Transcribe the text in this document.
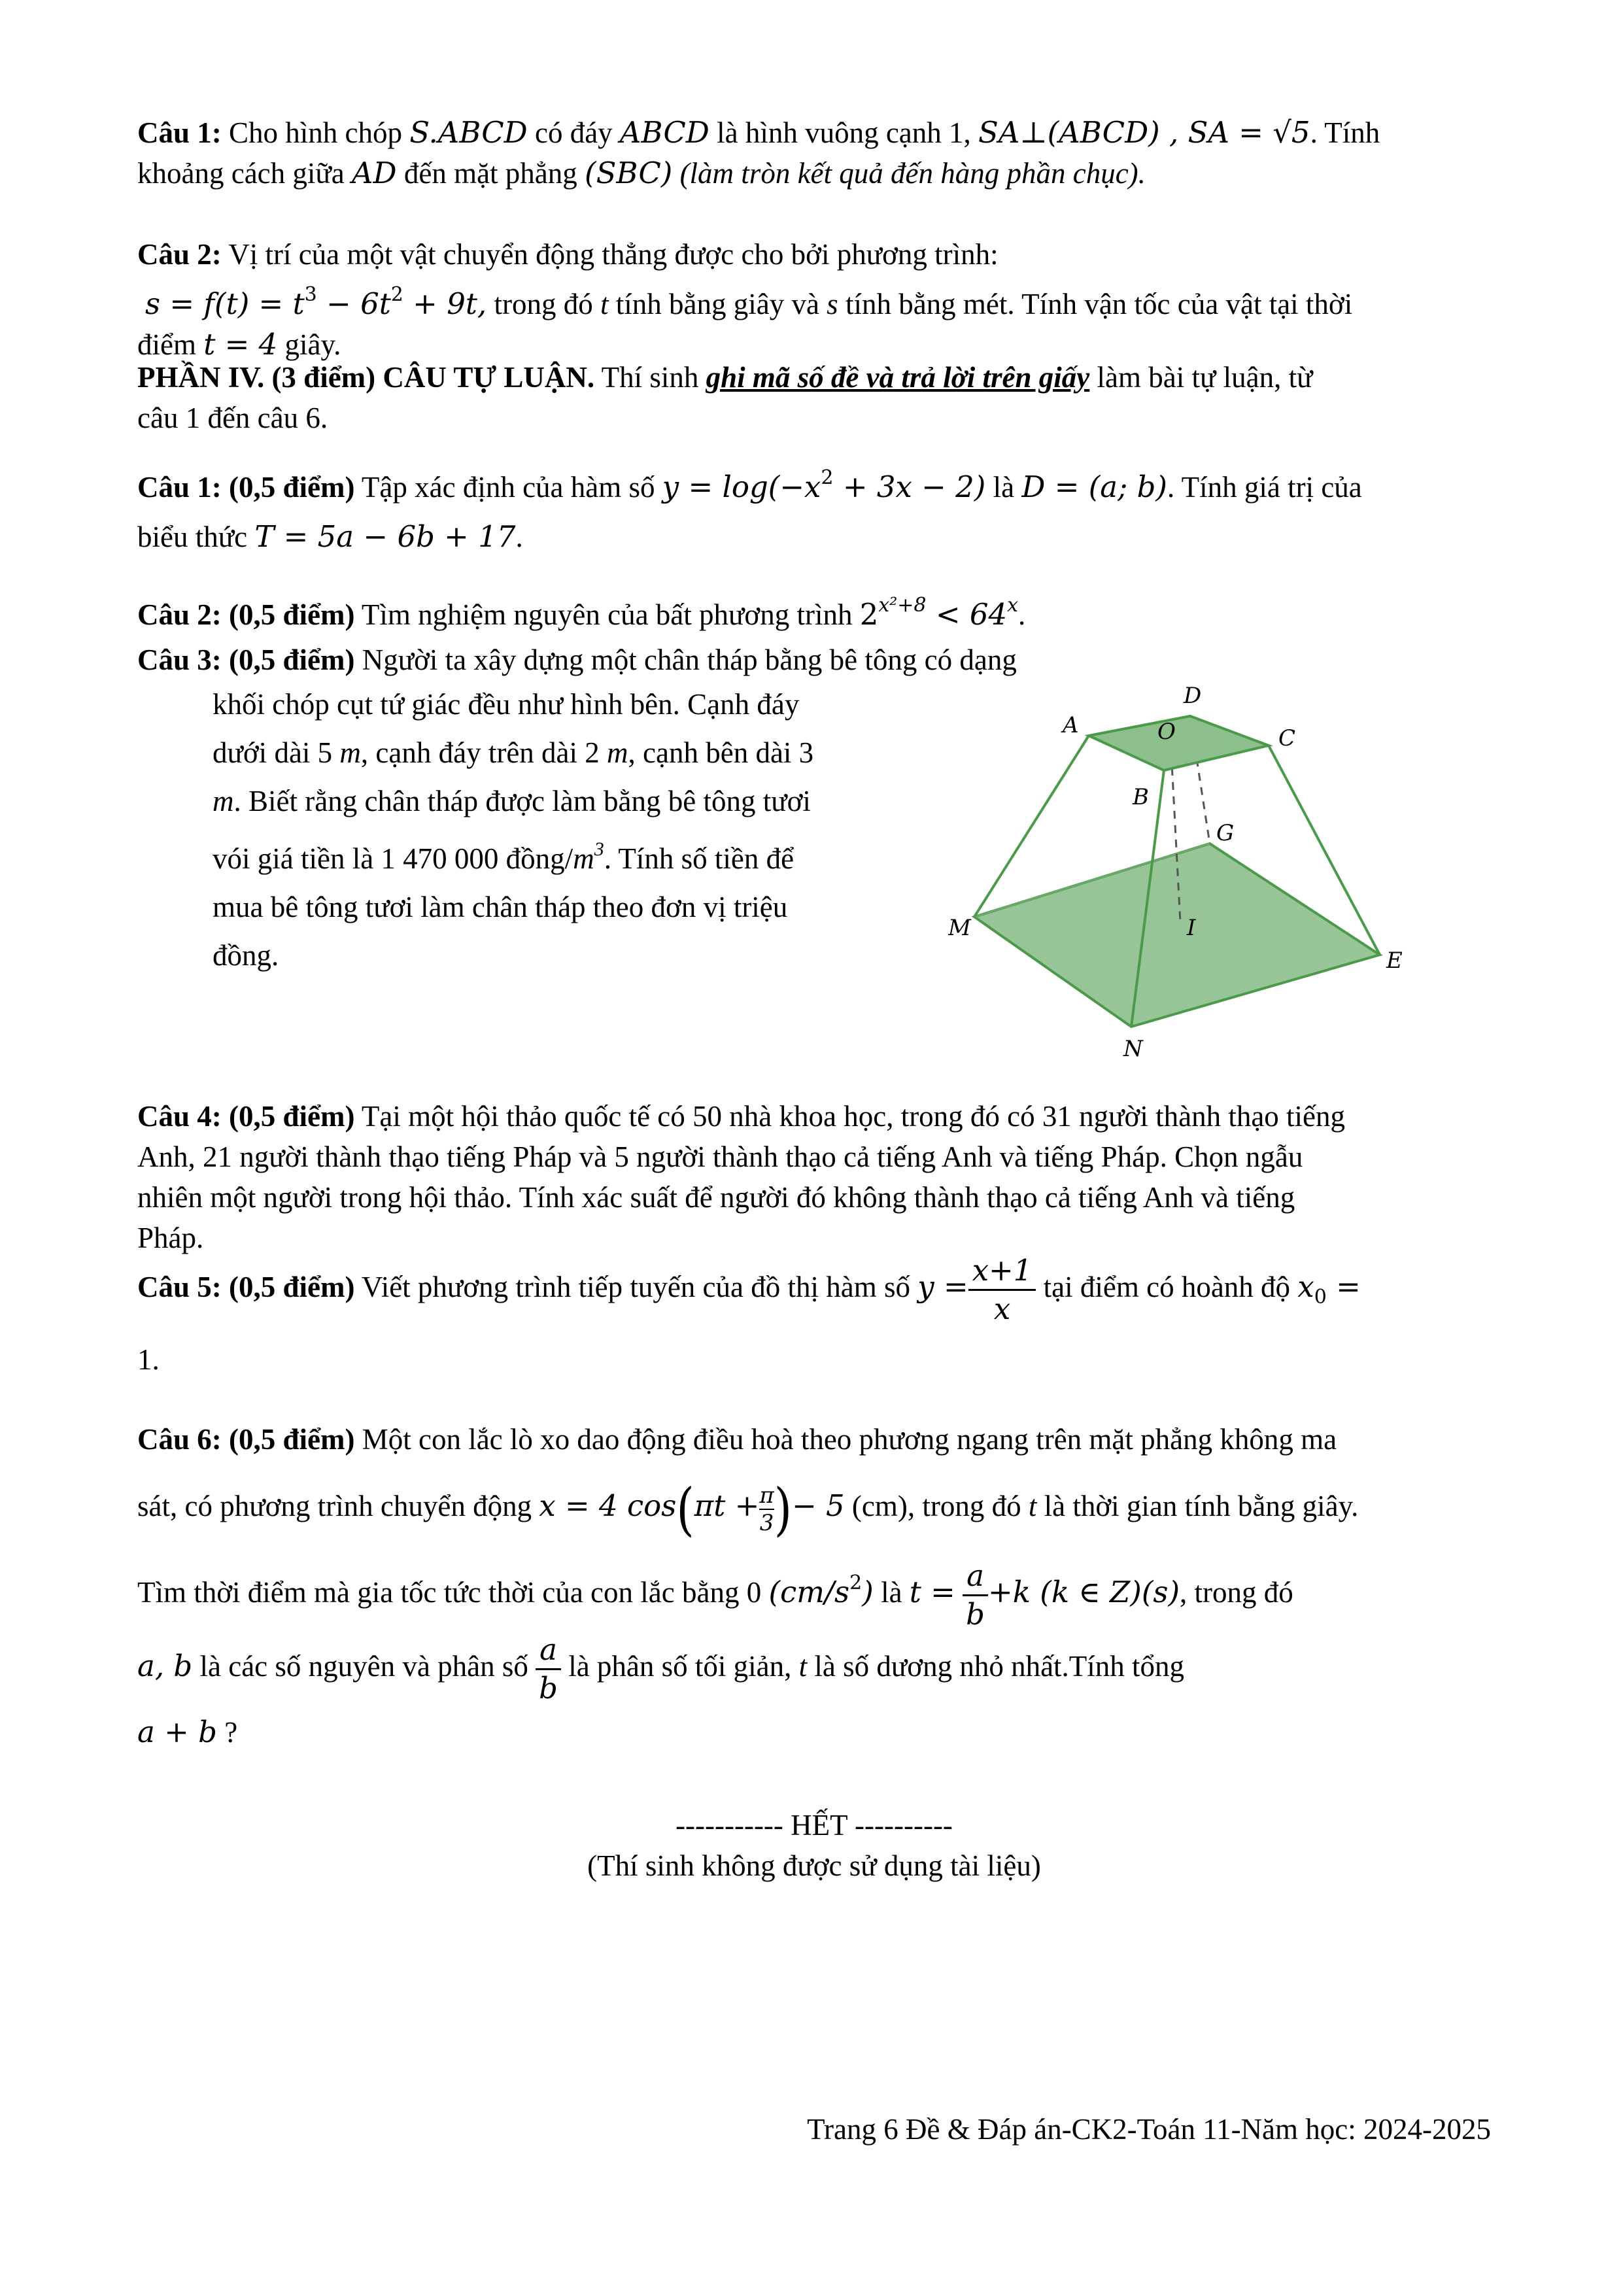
Câu 1: Cho hình chóp S.ABCD có đáy ABCD là hình vuông cạnh 1, SA⊥(ABCD) , SA = √5. Tính
khoảng cách giữa AD đến mặt phẳng (SBC) (làm tròn kết quả đến hàng phần chục).
Câu 2: Vị trí của một vật chuyển động thẳng được cho bởi phương trình:
$s = f(t) = t^3 - 6t^2 + 9t$, trong đó t tính bằng giây và s tính bằng mét. Tính vận tốc của vật tại thời
điểm t = 4 giây.
PHẦN IV. (3 điểm) CÂU TỰ LUẬN. Thí sinh ghi mã số đề và trả lời trên giấy làm bài tự luận, từ
câu 1 đến câu 6.
Câu 1: (0,5 điểm) Tập xác định của hàm số $y = \log(-x^2 + 3x - 2)$ là D = (a; b). Tính giá trị của
biểu thức T = 5a − 6b + 17.
Câu 2: (0,5 điểm) Tìm nghiệm nguyên của bất phương trình $2^{x^2+8} < 64^x$.
Câu 3: (0,5 điểm) Người ta xây dựng một chân tháp bằng bê tông có dạng
khối chóp cụt tứ giác đều như hình bên. Cạnh đáy
dưới dài 5 m, cạnh đáy trên dài 2 m, cạnh bên dài 3
m. Biết rằng chân tháp được làm bằng bê tông tươi
vói giá tiền là 1 470 000 đồng/$m^3$. Tính số tiền để
mua bê tông tươi làm chân tháp theo đơn vị triệu
đồng.
A
D
O	C
B
G
M	I
E
N
Câu 4: (0,5 điểm) Tại một hội thảo quốc tế có 50 nhà khoa học, trong đó có 31 người thành thạo tiếng
Anh, 21 người thành thạo tiếng Pháp và 5 người thành thạo cả tiếng Anh và tiếng Pháp. Chọn ngẫu
nhiên một người trong hội thảo. Tính xác suất để người đó không thành thạo cả tiếng Anh và tiếng
Pháp.
Câu 5: (0,5 điểm) Viết phương trình tiếp tuyến của đồ thị hàm số $y = \frac{x+1}{x}$ tại điểm có hoành độ $x_0$ =
1.
Câu 6: (0,5 điểm) Một con lắc lò xo dao động điều hoà theo phương ngang trên mặt phẳng không ma
sát, có phương trình chuyển động x = 4 $\cos(\pi t + \frac{\pi}{3}$ )− 5 (cm), trong đó t là thời gian tính bằng giây.
Tìm thời điểm mà gia tốc tức thời của con lắc bằng 0 $(cm/s^2)$ là $t = \frac{a}{b} +k$ (k ∈ Z)(s), trong đó
a, b là các số nguyên và phân số $\frac{a}{b}$ là phân số tối giản, t là số dương nhỏ nhất.Tính tổng
a + b ?
----------- HẾT ----------
(Thí sinh không được sử dụng tài liệu)
Trang 6 Đề & Đáp án-CK2-Toán 11-Năm học: 2024-2025
